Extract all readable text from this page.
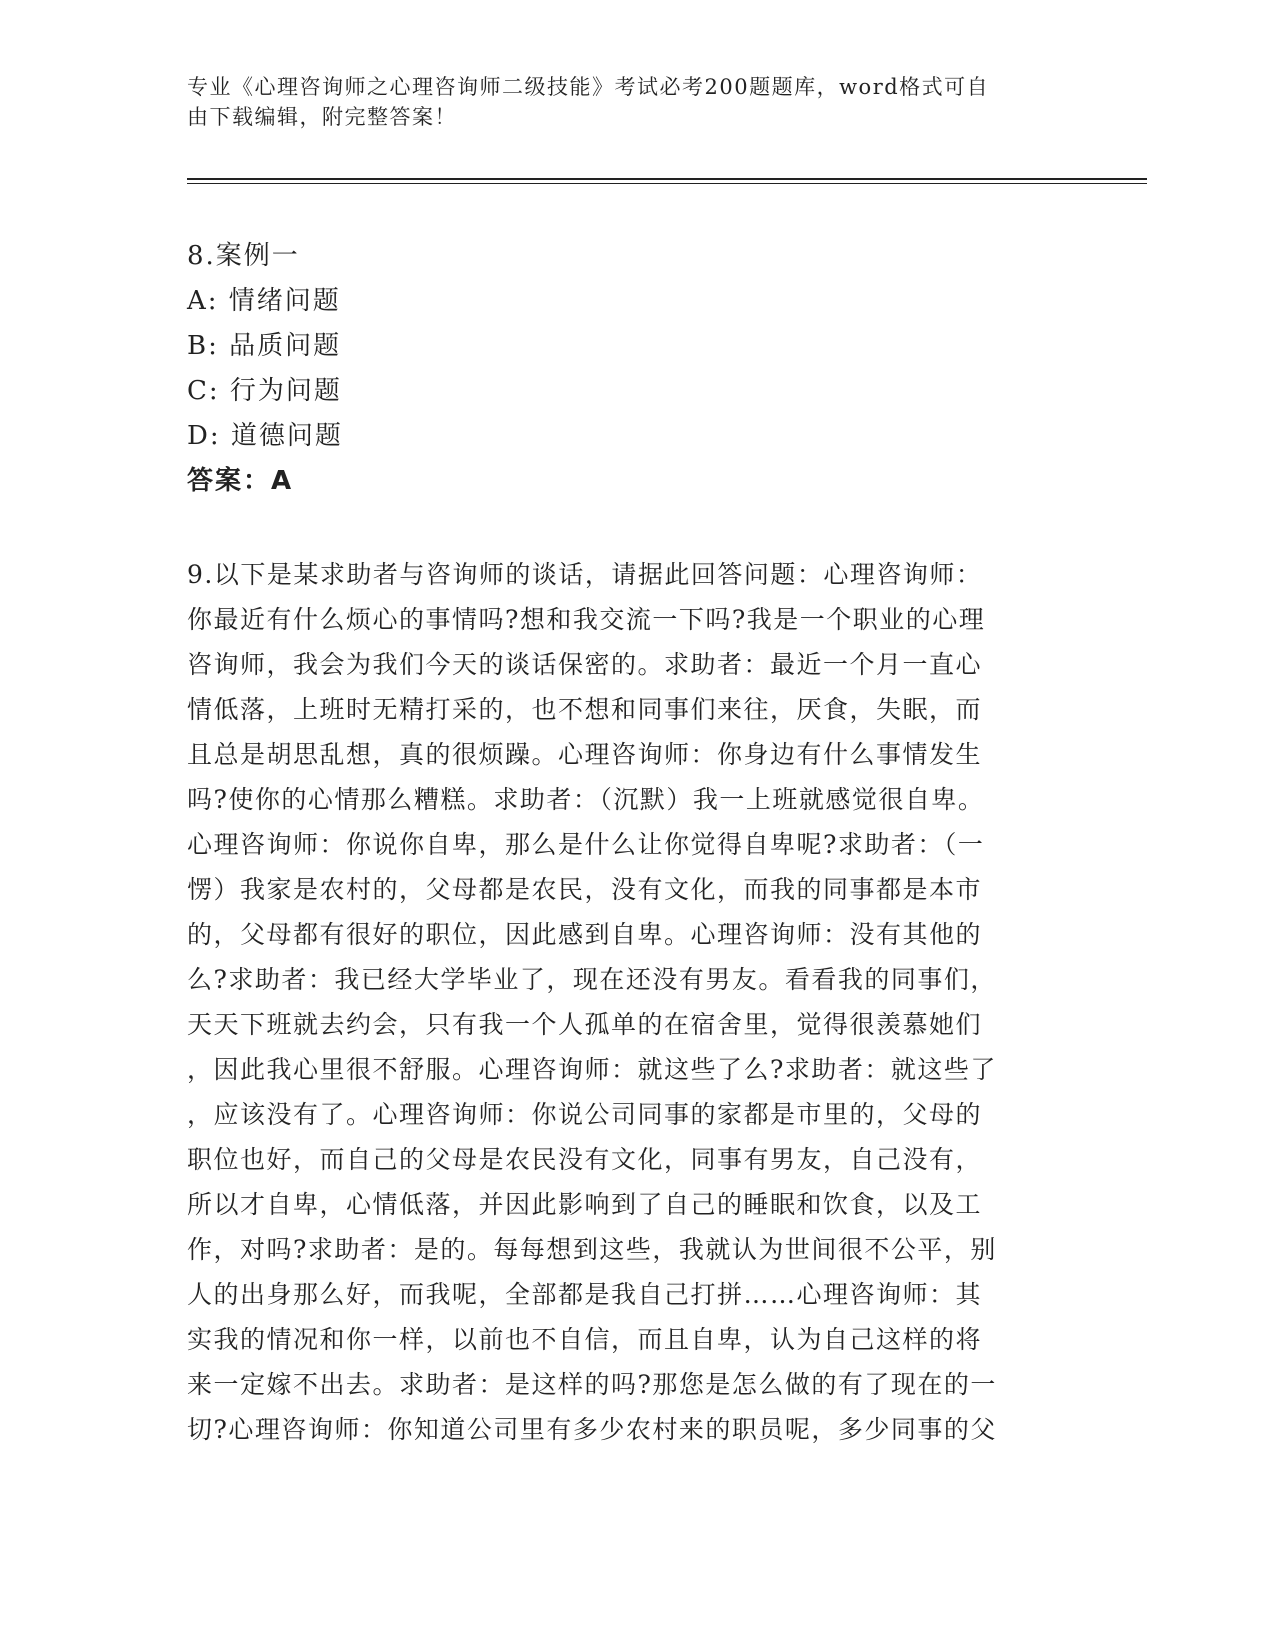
专业《心理咨询师之心理咨询师二级技能》考试必考200题题库，word格式可自
由下载编辑，附完整答案！
8.案例一
A: 情绪问题
B: 品质问题
C: 行为问题
D: 道德问题
答案：A
9.以下是某求助者与咨询师的谈话，请据此回答问题：心理咨询师：
你最近有什么烦心的事情吗?想和我交流一下吗?我是一个职业的心理
咨询师，我会为我们今天的谈话保密的。求助者：最近一个月一直心
情低落，上班时无精打采的，也不想和同事们来往，厌食，失眠，而
且总是胡思乱想，真的很烦躁。心理咨询师：你身边有什么事情发生
吗?使你的心情那么糟糕。求助者：（沉默）我一上班就感觉很自卑。
心理咨询师：你说你自卑，那么是什么让你觉得自卑呢?求助者：（一
愣）我家是农村的，父母都是农民，没有文化，而我的同事都是本市
的，父母都有很好的职位，因此感到自卑。心理咨询师：没有其他的
么?求助者：我已经大学毕业了，现在还没有男友。看看我的同事们，
天天下班就去约会，只有我一个人孤单的在宿舍里，觉得很羡慕她们
，因此我心里很不舒服。心理咨询师：就这些了么?求助者：就这些了
，应该没有了。心理咨询师：你说公司同事的家都是市里的，父母的
职位也好，而自己的父母是农民没有文化，同事有男友，自己没有，
所以才自卑，心情低落，并因此影响到了自己的睡眠和饮食，以及工
作，对吗?求助者：是的。每每想到这些，我就认为世间很不公平，别
人的出身那么好，而我呢，全部都是我自己打拼……心理咨询师：其
实我的情况和你一样，以前也不自信，而且自卑，认为自己这样的将
来一定嫁不出去。求助者：是这样的吗?那您是怎么做的有了现在的一
切?心理咨询师：你知道公司里有多少农村来的职员呢，多少同事的父
